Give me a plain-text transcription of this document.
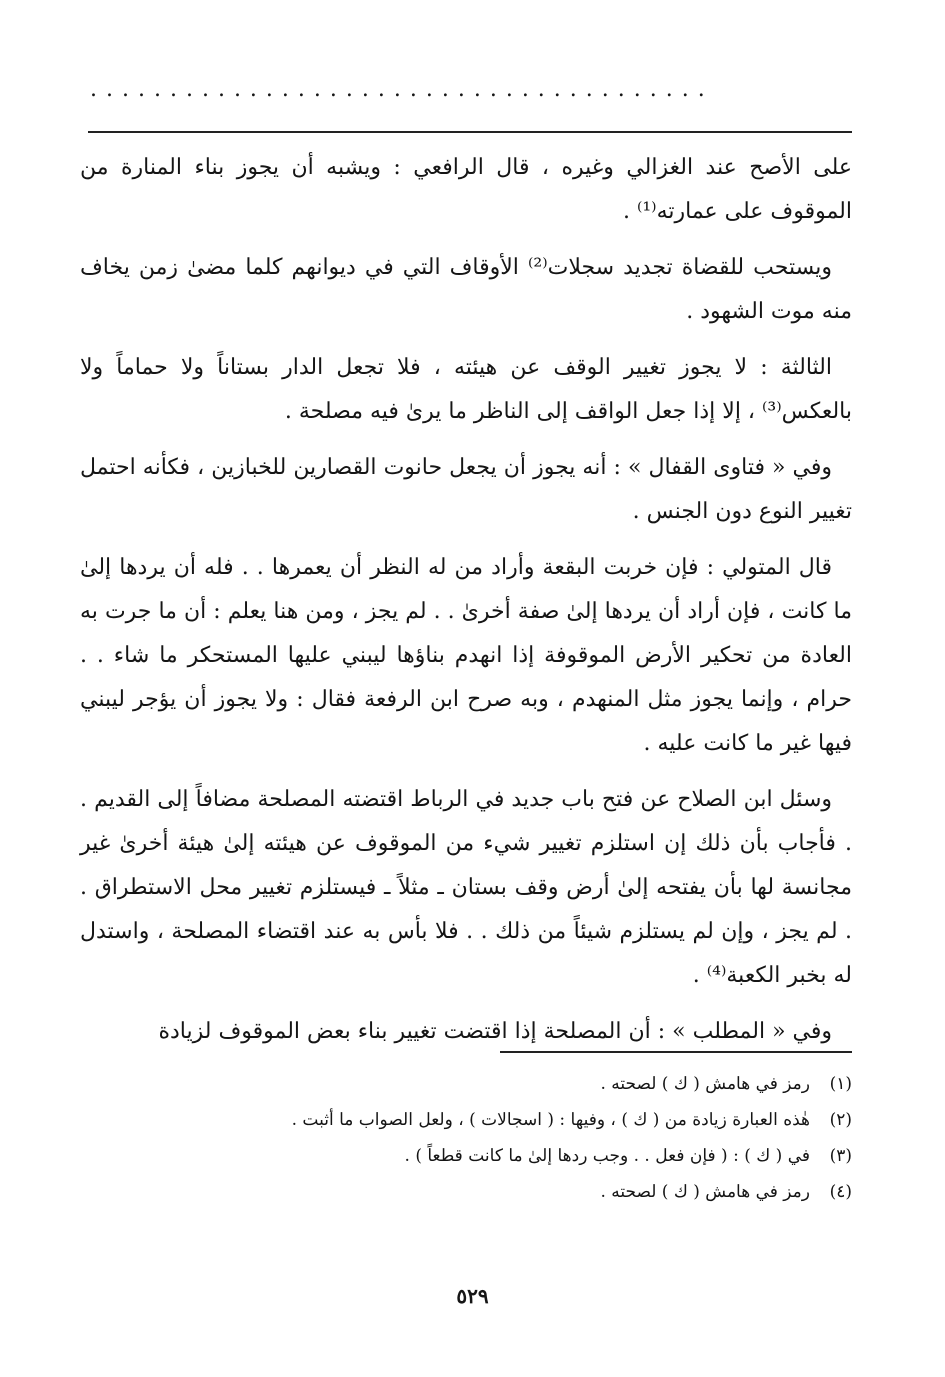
.......................................

على الأصح عند الغزالي وغيره ، قال الرافعي : ويشبه أن يجوز بناء المنارة من الموقوف على عمارته⁽¹⁾ .

ويستحب للقضاة تجديد سجلات⁽²⁾ الأوقاف التي في ديوانهم كلما مضىٰ زمن يخاف منه موت الشهود .

الثالثة : لا يجوز تغيير الوقف عن هيئته ، فلا تجعل الدار بستاناً ولا حماماً ولا بالعكس⁽³⁾ ، إلا إذا جعل الواقف إلى الناظر ما يرىٰ فيه مصلحة .

وفي « فتاوى القفال » : أنه يجوز أن يجعل حانوت القصارين للخبازين ، فكأنه احتمل تغيير النوع دون الجنس .

قال المتولي : فإن خربت البقعة وأراد من له النظر أن يعمرها . . فله أن يردها إلىٰ ما كانت ، فإن أراد أن يردها إلىٰ صفة أخرىٰ . . لم يجز ، ومن هنا يعلم : أن ما جرت به العادة من تحكير الأرض الموقوفة إذا انهدم بناؤها ليبني عليها المستحكر ما شاء . . حرام ، وإنما يجوز مثل المنهدم ، وبه صرح ابن الرفعة فقال : ولا يجوز أن يؤجر ليبني فيها غير ما كانت عليه .

وسئل ابن الصلاح عن فتح باب جديد في الرباط اقتضته المصلحة مضافاً إلى القديم . . فأجاب بأن ذلك إن استلزم تغيير شيء من الموقوف عن هيئته إلىٰ هيئة أخرىٰ غير مجانسة لها بأن يفتحه إلىٰ أرض وقف بستان ـ مثلاً ـ فيستلزم تغيير محل الاستطراق . . لم يجز ، وإن لم يستلزم شيئاً من ذلك . . فلا بأس به عند اقتضاء المصلحة ، واستدل له بخبر الكعبة⁽⁴⁾ .

وفي « المطلب » : أن المصلحة إذا اقتضت تغيير بناء بعض الموقوف لزيادة

(١)رمز في هامش ( ك ) لصحته .
(٢)هٰذه العبارة زيادة من ( ك ) ، وفيها : ( اسجالات ) ، ولعل الصواب ما أثبت .
(٣)في ( ك ) : ( فإن فعل . . وجب ردها إلىٰ ما كانت قطعاً ) .
(٤)رمز في هامش ( ك ) لصحته .
٥٢٩
